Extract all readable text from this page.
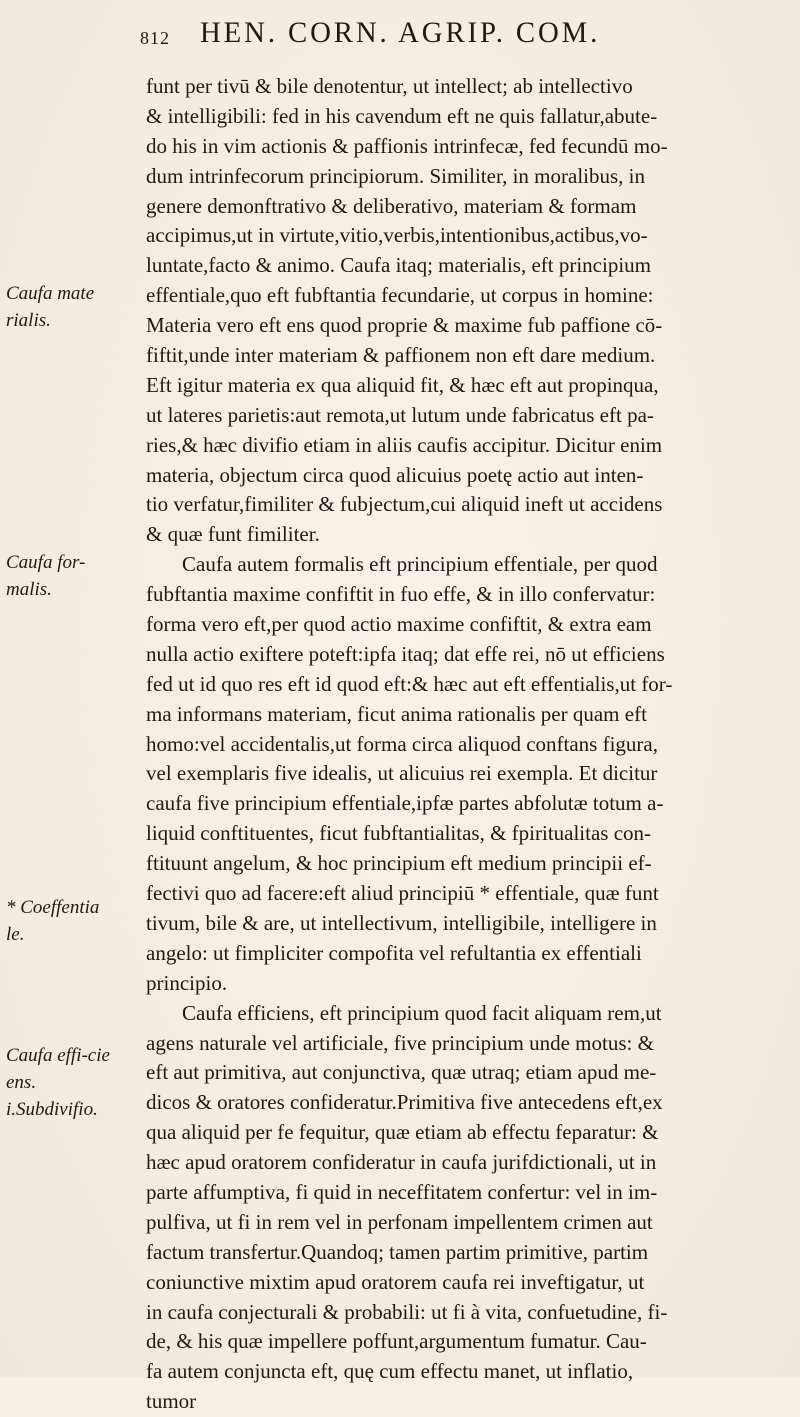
812 HEN. CORN. AGRIP. COM.
Caufa mate
rialis.
Caufa for-
malis.
* Coeffentia
le.
Caufa effi-cie
ens.
i.Subdivifio.
funt per tivū & bile denotentur, ut intellect; ab intellectivo
& intelligibili: fed in his cavendum eft ne quis fallatur,abute-
do his in vim actionis & paffionis intrinfecæ, fed fecundū mo-
dum intrinfecorum principiorum. Similiter, in moralibus, in
genere demonftrativo & deliberativo, materiam & formam
accipimus,ut in virtute,vitio,verbis,intentionibus,actibus,vo-
luntate,facto & animo. Caufa itaq; materialis, eft principium
effentiale,quo eft fubftantia fecundarie, ut corpus in homine:
Materia vero eft ens quod proprie & maxime fub paffione cō-
fiftit,unde inter materiam & paffionem non eft dare medium.
Eft igitur materia ex qua aliquid fit, & hæc eft aut propinqua,
ut lateres parietis:aut remota,ut lutum unde fabricatus eft pa-
ries,& hæc divifio etiam in aliis caufis accipitur. Dicitur enim
materia, objectum circa quod alicuius poetę actio aut inten-
tio verfatur,fimiliter & fubjectum,cui aliquid ineft ut accidens
& quæ funt fimiliter.
Caufa autem formalis eft principium effentiale, per quod
fubftantia maxime confiftit in fuo effe, & in illo confervatur:
forma vero eft,per quod actio maxime confiftit, & extra eam
nulla actio exiftere poteft:ipfa itaq; dat effe rei, nō ut efficiens
fed ut id quo res eft id quod eft:& hæc aut eft effentialis,ut for-
ma informans materiam, ficut anima rationalis per quam eft
homo:vel accidentalis,ut forma circa aliquod conftans figura,
vel exemplaris five idealis, ut alicuius rei exempla. Et dicitur
caufa five principium effentiale,ipfæ partes abfolutæ totum a-
liquid conftituentes, ficut fubftantialitas, & fpiritualitas con-
ftituunt angelum, & hoc principium eft medium principii ef-
fectivi quo ad facere:eft aliud principiū * effentiale, quæ funt
tivum, bile & are, ut intellectivum, intelligibile, intelligere in
angelo: ut fimpliciter compofita vel refultantia ex effentiali
principio.
Caufa efficiens, eft principium quod facit aliquam rem,ut
agens naturale vel artificiale, five principium unde motus: &
eft aut primitiva, aut conjunctiva, quæ utraq; etiam apud me-
dicos & oratores confideratur.Primitiva five antecedens eft,ex
qua aliquid per fe fequitur, quæ etiam ab effectu feparatur: &
hæc apud oratorem confideratur in caufa jurifdictionali, ut in
parte affumptiva, fi quid in neceffitatem confertur: vel in im-
pulfiva, ut fi in rem vel in perfonam impellentem crimen aut
factum transfertur.Quandoq; tamen partim primitive, partim
coniunctive mixtim apud oratorem caufa rei inveftigatur, ut
in caufa conjecturali & probabili: ut fi à vita, confuetudine, fi-
de, & his quæ impellere poffunt,argumentum fumatur. Cau-
fa autem conjuncta eft, quę cum effectu manet, ut inflatio,
tumor
